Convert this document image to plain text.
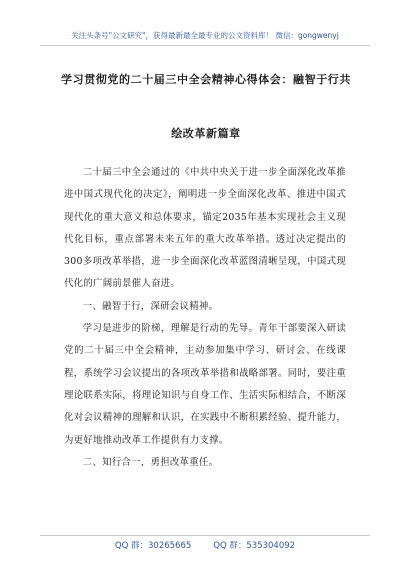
关注头条号"公文研究"，获得最新最全最专业的公文资料库！ 微信：gongwenyj
学习贯彻党的二十届三中全会精神心得体会：融智于行共
绘改革新篇章

二十届三中全会通过的《中共中央关于进一步全面深化改革推进中国式现代化的决定》，阐明进一步全面深化改革、推进中国式现代化的重大意义和总体要求，锚定2035年基本实现社会主义现代化目标，重点部署未来五年的重大改革举措。透过决定提出的300多项改革举措，进一步全面深化改革蓝图清晰呈现，中国式现代化的广阔前景催人奋进。

一、融智于行，深研会议精神。

学习是进步的阶梯，理解是行动的先导。青年干部要深入研读党的二十届三中全会精神，主动参加集中学习、研讨会、在线课程，系统学习会议提出的各项改革举措和战略部署。同时，要注重理论联系实际，将理论知识与自身工作、生活实际相结合，不断深化对会议精神的理解和认识，在实践中不断积累经验、提升能力，为更好地推动改革工作提供有力支撑。

二、知行合一，勇担改革重任。

QQ 群：30265665	QQ 群：535304092
